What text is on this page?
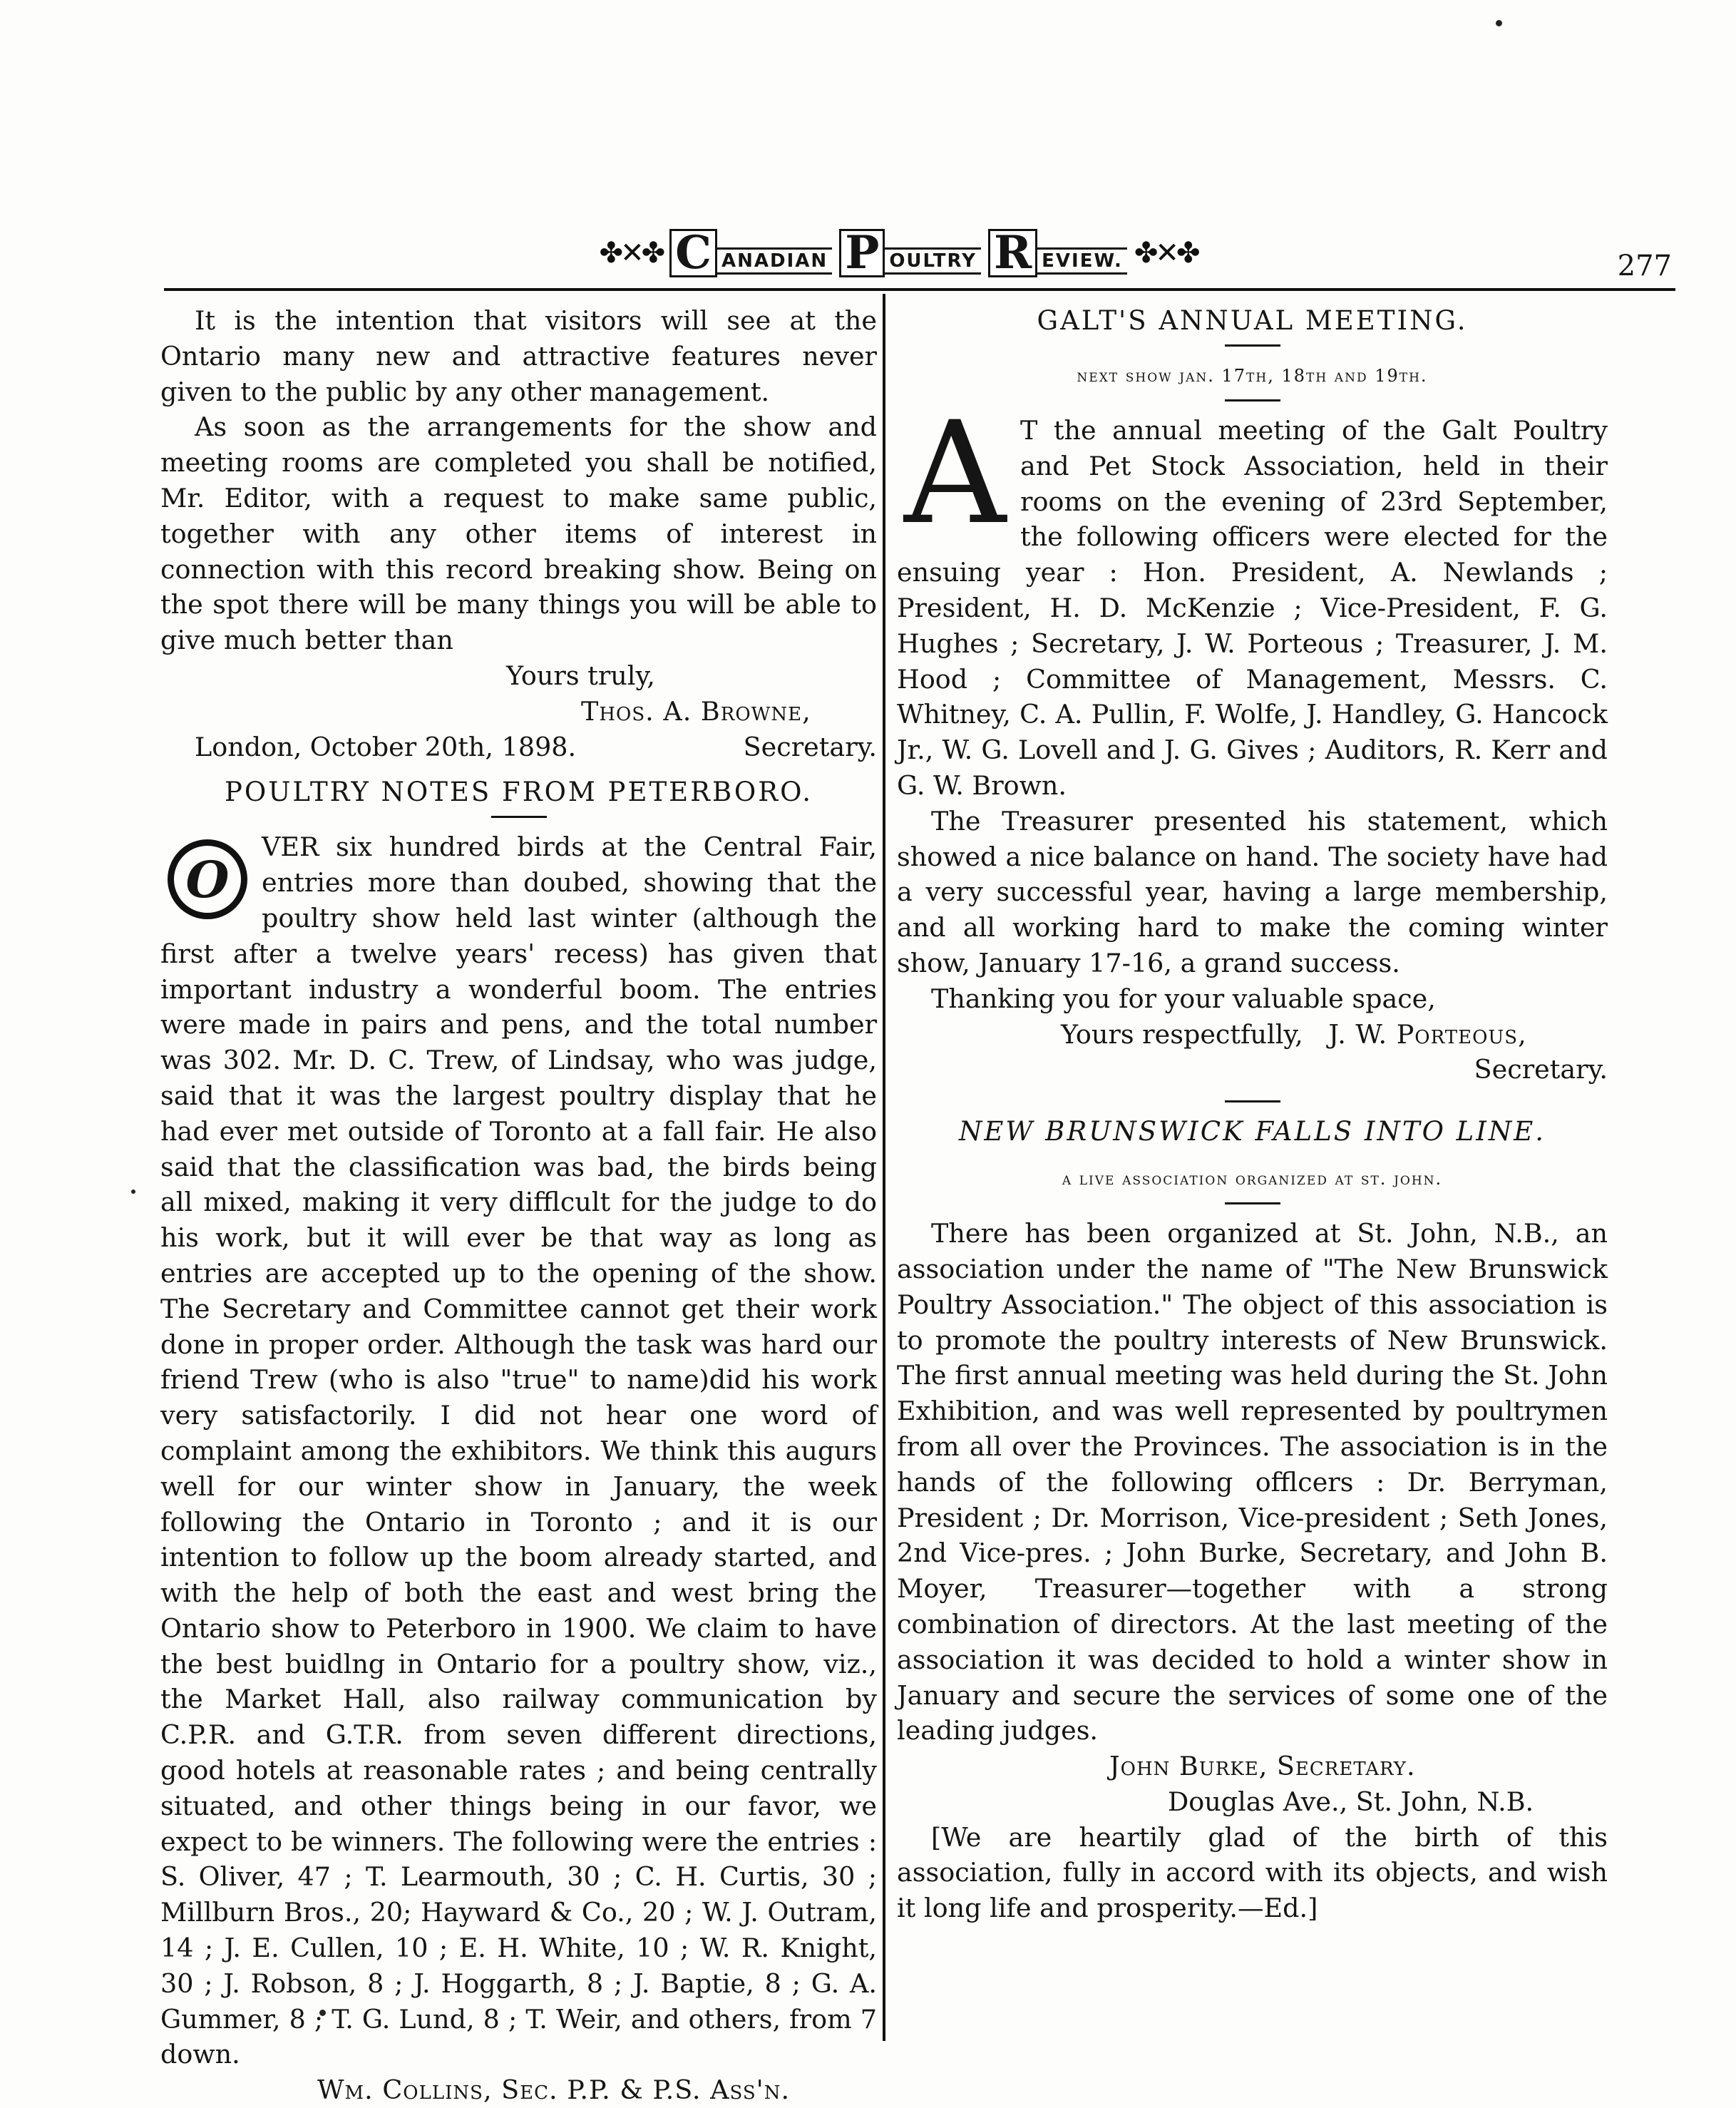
✤✕✤ C ANADIAN P OULTRY R EVIEW. ✤✕✤	277

It is the intention that visitors will see at the Ontario many new and attractive features never given to the public by any other management.

As soon as the arrangements for the show and meeting rooms are completed you shall be notified, Mr. Editor, with a request to make same public, together with any other items of interest in connection with this record breaking show. Being on the spot there will be many things you will be able to give much better than

Yours truly,
Thos. A. Browne,
London, October 20th, 1898.	Secretary.
POULTRY NOTES FROM PETERBORO.
O

VER six hundred birds at the Central Fair, entries more than doubed, showing that the poultry show held last winter (although the first after a twelve years' recess) has given that important industry a wonderful boom. The entries were made in pairs and pens, and the total number was 302. Mr. D. C. Trew, of Lindsay, who was judge, said that it was the largest poultry display that he had ever met outside of Toronto at a fall fair. He also said that the classification was bad, the birds being all mixed, making it very difflcult for the judge to do his work, but it will ever be that way as long as entries are accepted up to the opening of the show. The Secretary and Committee cannot get their work done in proper order. Although the task was hard our friend Trew (who is also "true" to name)did his work very satisfactorily. I did not hear one word of complaint among the exhibitors. We think this augurs well for our winter show in January, the week following the Ontario in Toronto ; and it is our intention to follow up the boom already started, and with the help of both the east and west bring the Ontario show to Peterboro in 1900. We claim to have the best buidlng in Ontario for a poultry show, viz., the Market Hall, also railway communication by C.P.R. and G.T.R. from seven different directions, good hotels at reasonable rates ; and being centrally situated, and other things being in our favor, we expect to be winners. The following were the entries : S. Oliver, 47 ; T. Learmouth, 30 ; C. H. Curtis, 30 ; Millburn Bros., 20; Hayward & Co., 20 ; W. J. Outram, 14 ; J. E. Cullen, 10 ; E. H. White, 10 ; W. R. Knight, 30 ; J. Robson, 8 ; J. Hoggarth, 8 ; J. Baptie, 8 ; G. A. Gummer, 8 ; T. G. Lund, 8 ; T. Weir, and others, from 7 down.

Wm. Collins, Sec. P.P. & P.S. Ass'n.
GALT'S ANNUAL MEETING.
next show jan. 17th, 18th and 19th.
A T the annual meeting of the Galt Poultry and Pet Stock Association, held in their rooms on the evening of 23rd September, the following officers were elected for the ensuing year : Hon. President, A. Newlands ; President, H. D. McKenzie ; Vice-President, F. G. Hughes ; Secretary, J. W. Porteous ; Treasurer, J. M. Hood ; Committee of Management, Messrs. C. Whitney, C. A. Pullin, F. Wolfe, J. Handley, G. Hancock Jr., W. G. Lovell and J. G. Gives ; Auditors, R. Kerr and G. W. Brown.

The Treasurer presented his statement, which showed a nice balance on hand. The society have had a very successful year, having a large membership, and all working hard to make the coming winter show, January 17-16, a grand success.

Thanking you for your valuable space,

Yours respectfully, J. W. Porteous,
Secretary.
NEW BRUNSWICK FALLS INTO LINE.
a live association organized at st. john.

There has been organized at St. John, N.B., an association under the name of "The New Brunswick Poultry Association." The object of this association is to promote the poultry interests of New Brunswick. The first annual meeting was held during the St. John Exhibition, and was well represented by poultrymen from all over the Provinces. The association is in the hands of the following offlcers : Dr. Berryman, President ; Dr. Morrison, Vice-president ; Seth Jones, 2nd Vice-pres. ; John Burke, Secretary, and John B. Moyer, Treasurer—together with a strong combination of directors. At the last meeting of the association it was decided to hold a winter show in January and secure the services of some one of the leading judges.

John Burke, Secretary.
Douglas Ave., St. John, N.B.

[We are heartily glad of the birth of this association, fully in accord with its objects, and wish it long life and prosperity.—Ed.]
